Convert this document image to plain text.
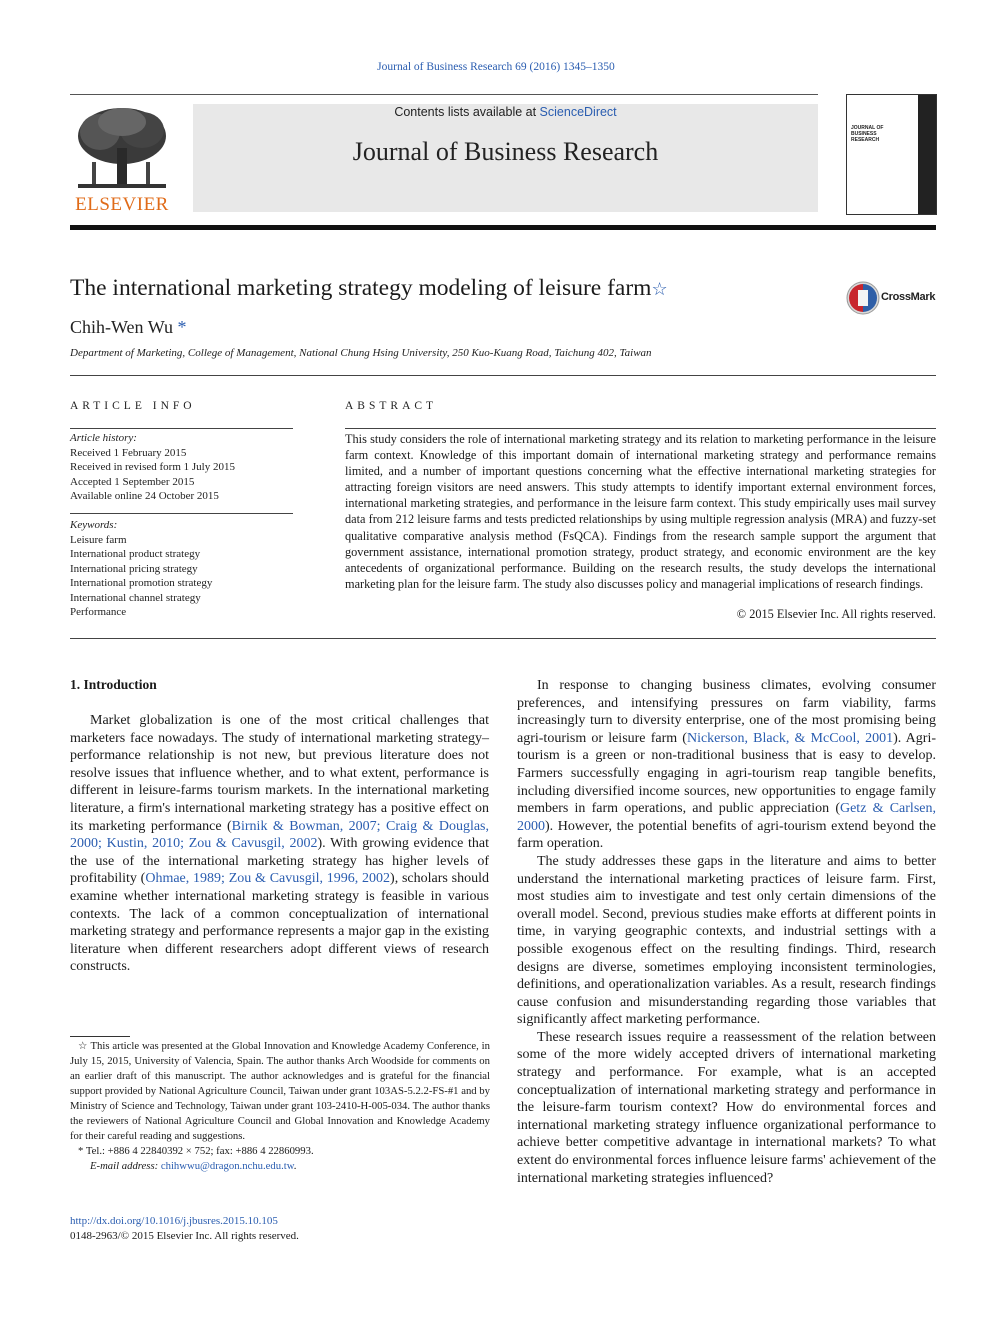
Journal of Business Research 69 (2016) 1345–1350
ELSEVIER
Contents lists available at ScienceDirect
Journal of Business Research
JOURNAL OF
BUSINESS
RESEARCH
The international marketing strategy modeling of leisure farm☆	CrossMark
Chih-Wen Wu *
Department of Marketing, College of Management, National Chung Hsing University, 250 Kuo-Kuang Road, Taichung 402, Taiwan
ARTICLE INFO
Article history:
Received 1 February 2015
Received in revised form 1 July 2015
Accepted 1 September 2015
Available online 24 October 2015
Keywords:
Leisure farm
International product strategy
International pricing strategy
International promotion strategy
International channel strategy
Performance
ABSTRACT
This study considers the role of international marketing strategy and its relation to marketing performance in the leisure farm context. Knowledge of this important domain of international marketing strategy and performance remains limited, and a number of important questions concerning what the effective international marketing strategies for attracting foreign visitors are need answers. This study attempts to identify important external environment forces, international marketing strategies, and performance in the leisure farm context. This study empirically uses mail survey data from 212 leisure farms and tests predicted relationships by using multiple regression analysis (MRA) and fuzzy-set qualitative comparative analysis method (FsQCA). Findings from the research sample support the argument that government assistance, international promotion strategy, product strategy, and economic environment are the key antecedents of organizational performance. Building on the research results, the study develops the international marketing plan for the leisure farm. The study also discusses policy and managerial implications of research findings.
© 2015 Elsevier Inc. All rights reserved.
1. Introduction

Market globalization is one of the most critical challenges that marketers face nowadays. The study of international marketing strategy–performance relationship is not new, but previous literature does not resolve issues that influence whether, and to what extent, performance is different in leisure-farms tourism markets. In the international marketing literature, a firm's international marketing strategy has a positive effect on its marketing performance (Birnik & Bowman, 2007; Craig & Douglas, 2000; Kustin, 2010; Zou & Cavusgil, 2002). With growing evidence that the use of the international marketing strategy has higher levels of profitability (Ohmae, 1989; Zou & Cavusgil, 1996, 2002), scholars should examine whether international marketing strategy is feasible in various contexts. The lack of a common conceptualization of international marketing strategy and performance represents a major gap in the existing literature when different researchers adopt different views of research constructs.

In response to changing business climates, evolving consumer preferences, and intensifying pressures on farm viability, farms increasingly turn to diversity enterprise, one of the most promising being agri-tourism or leisure farm (Nickerson, Black, & McCool, 2001). Agri-tourism is a green or non-traditional business that is easy to develop. Farmers successfully engaging in agri-tourism reap tangible benefits, including diversified income sources, new opportunities to engage family members in farm operations, and public appreciation (Getz & Carlsen, 2000). However, the potential benefits of agri-tourism extend beyond the farm operation.

The study addresses these gaps in the literature and aims to better understand the international marketing practices of leisure farm. First, most studies aim to investigate and test only certain dimensions of the overall model. Second, previous studies make efforts at different points in time, in varying geographic contexts, and industrial settings with a possible exogenous effect on the resulting findings. Third, research designs are diverse, sometimes employing inconsistent terminologies, definitions, and operationalization variables. As a result, research findings cause confusion and misunderstanding regarding those variables that significantly affect marketing performance.

These research issues require a reassessment of the relation between some of the more widely accepted drivers of international marketing strategy and performance. For example, what is an accepted conceptualization of international marketing strategy and performance in the leisure-farm tourism context? How do environmental forces and international marketing strategy influence organizational performance to achieve better competitive advantage in international markets? To what extent do environmental forces influence leisure farms' achievement of the international marketing strategies influenced?

☆ This article was presented at the Global Innovation and Knowledge Academy Conference, in July 15, 2015, University of Valencia, Spain. The author thanks Arch Woodside for comments on an earlier draft of this manuscript. The author acknowledges and is grateful for the financial support provided by National Agriculture Council, Taiwan under grant 103AS-5.2.2-FS-#1 and by Ministry of Science and Technology, Taiwan under grant 103-2410-H-005-034. The author thanks the reviewers of National Agriculture Council and Global Innovation and Knowledge Academy for their careful reading and suggestions.
* Tel.: +886 4 22840392 × 752; fax: +886 4 22860993.
E-mail address: chihwwu@dragon.nchu.edu.tw.
http://dx.doi.org/10.1016/j.jbusres.2015.10.105
0148-2963/© 2015 Elsevier Inc. All rights reserved.
